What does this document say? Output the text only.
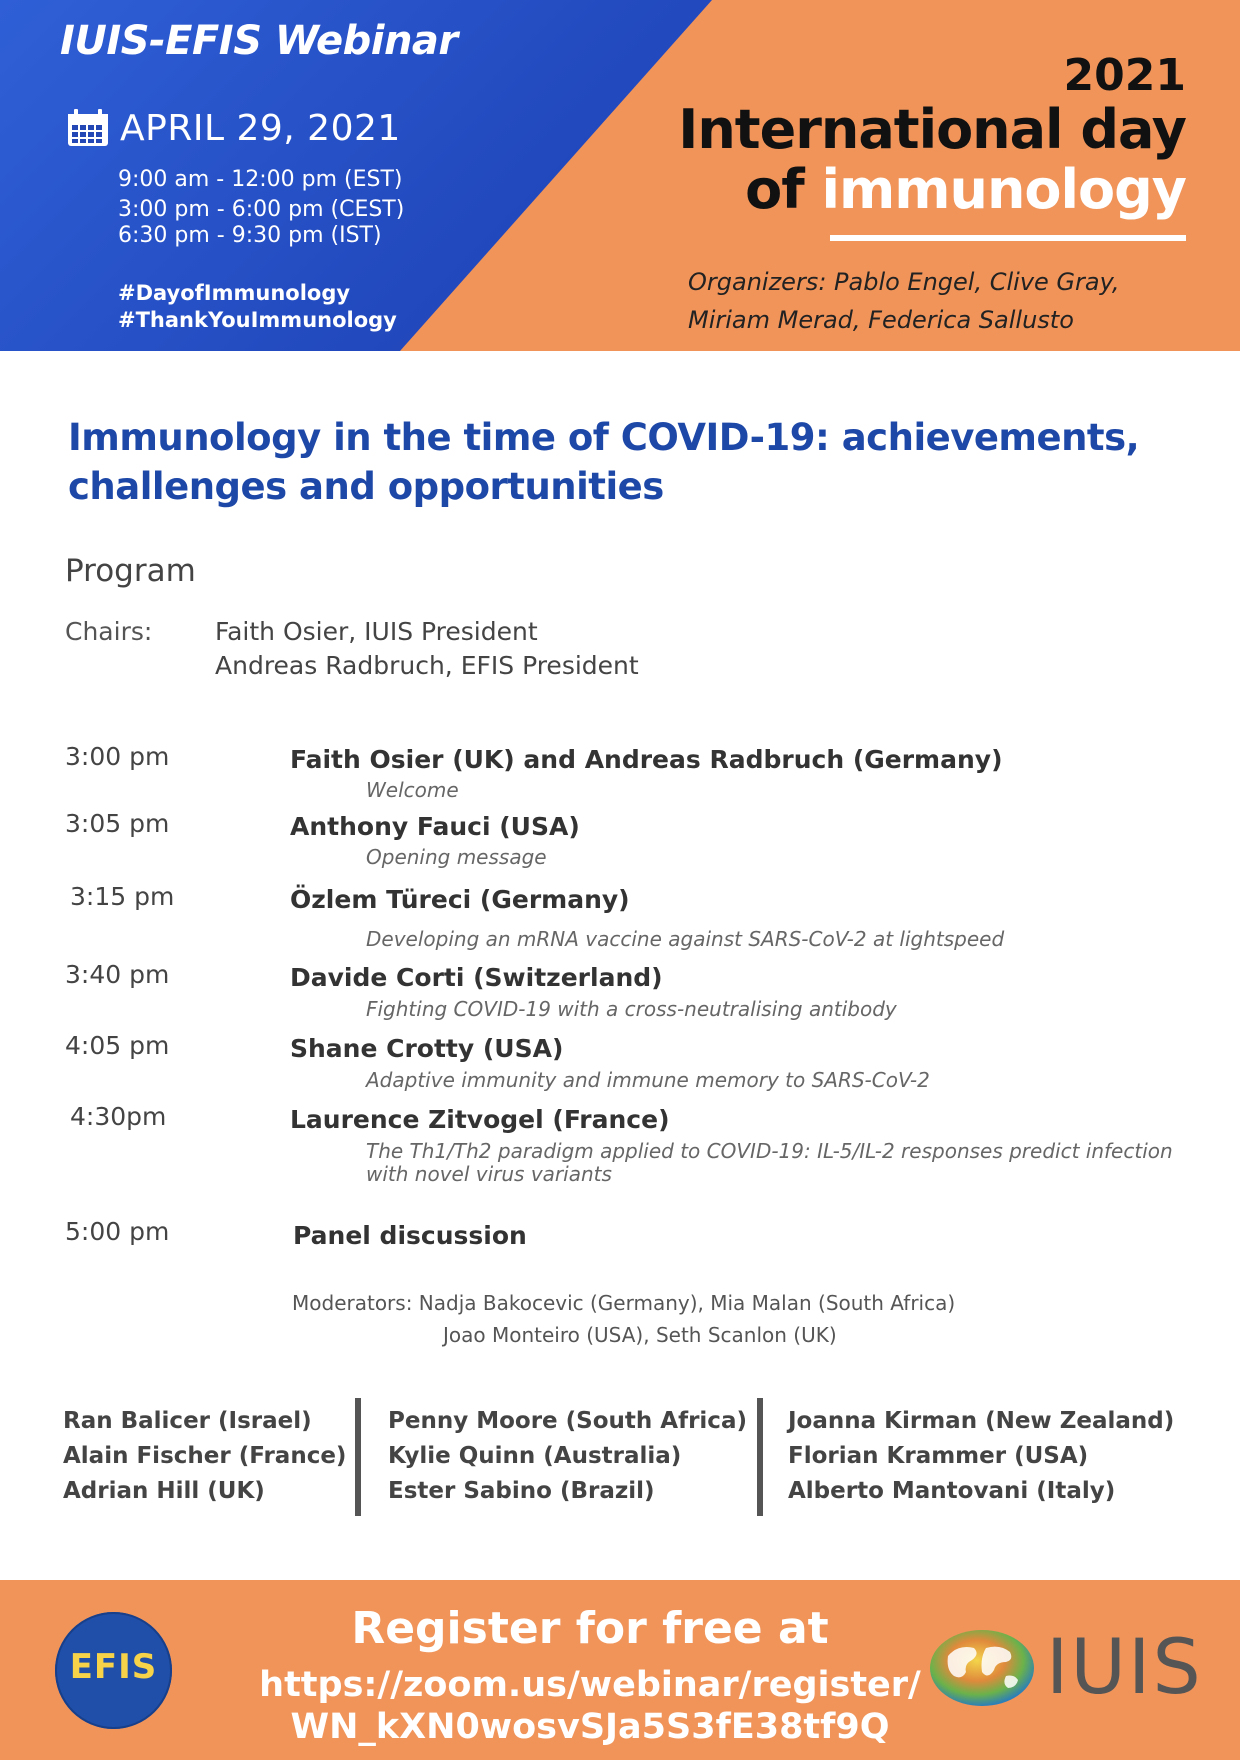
IUIS-EFIS Webinar
APRIL 29, 2021
9:00 am - 12:00 pm (EST)
3:00 pm - 6:00 pm (CEST)
6:30 pm - 9:30 pm (IST)
#DayofImmunology
#ThankYouImmunology
2021
International day
of immunology
Organizers: Pablo Engel, Clive Gray,
Miriam Merad, Federica Sallusto
Immunology in the time of COVID-19: achievements,
challenges and opportunities
Program
Chairs:	Faith Osier, IUIS President
Andreas Radbruch, EFIS President
3:00 pm	Faith Osier (UK) and Andreas Radbruch (Germany)
Welcome
3:05 pm	Anthony Fauci (USA)
Opening message
3:15 pm	Özlem Türeci (Germany)
Developing an mRNA vaccine against SARS-CoV-2 at lightspeed
3:40 pm	Davide Corti (Switzerland)
Fighting COVID-19 with a cross-neutralising antibody
4:05 pm	Shane Crotty (USA)
Adaptive immunity and immune memory to SARS-CoV-2
4:30pm	Laurence Zitvogel (France)
The Th1/Th2 paradigm applied to COVID-19: IL-5/IL-2 responses predict infection with novel virus variants
5:00 pm	Panel discussion
Moderators: Nadja Bakocevic (Germany), Mia Malan (South Africa)
Joao Monteiro (USA), Seth Scanlon (UK)
Ran Balicer (Israel)
Alain Fischer (France)
Adrian Hill (UK)
Penny Moore (South Africa)
Kylie Quinn (Australia)
Ester Sabino (Brazil)
Joanna Kirman (New Zealand)
Florian Krammer (USA)
Alberto Mantovani (Italy)
EFIS
Register for free at
https://zoom.us/webinar/register/
WN_kXN0wosvSJa5S3fE38tf9Q
IUIS
